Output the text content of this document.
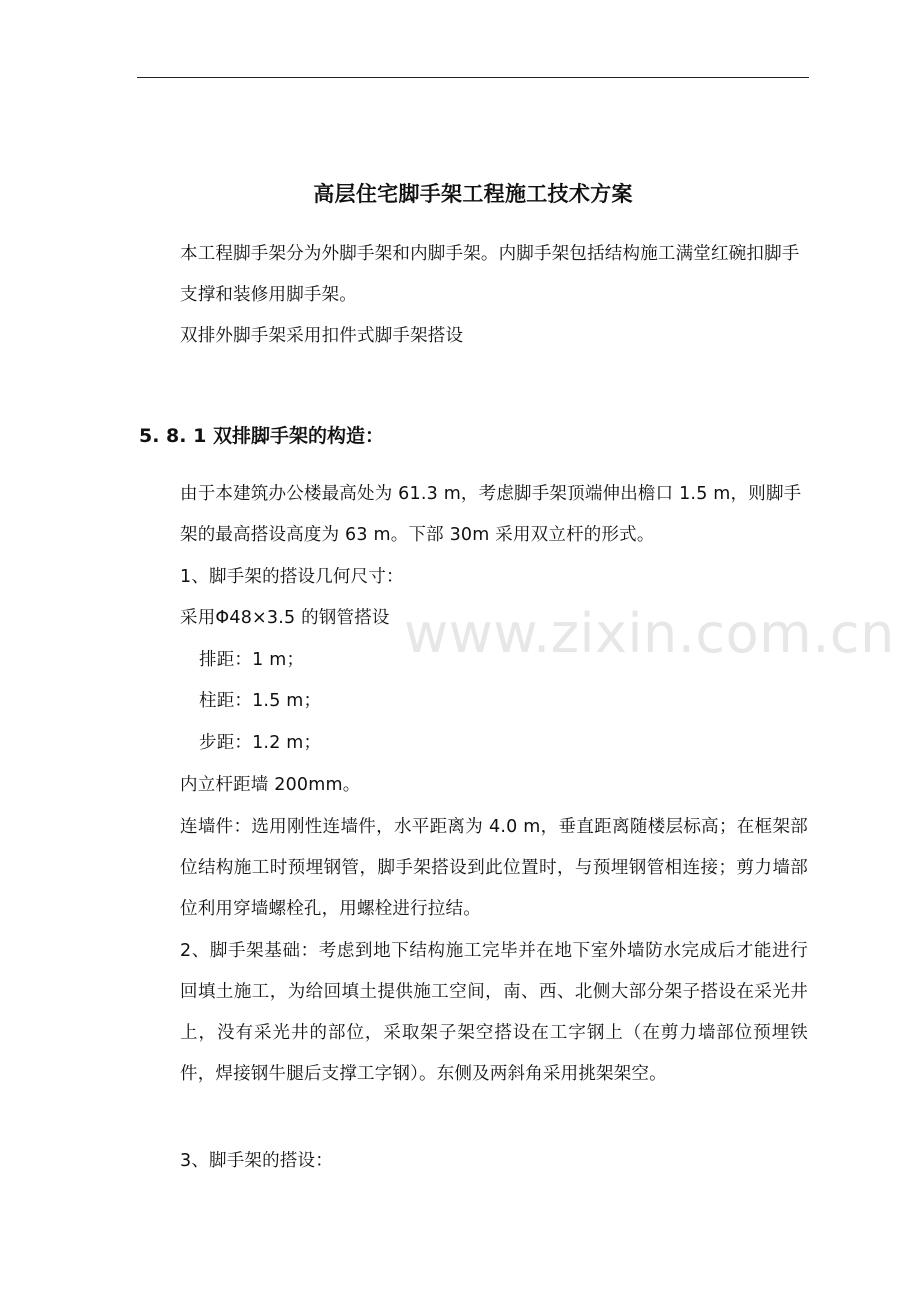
高层住宅脚手架工程施工技术方案

本工程脚手架分为外脚手架和内脚手架。内脚手架包括结构施工满堂红碗扣脚手支撑和装修用脚手架。

双排外脚手架采用扣件式脚手架搭设
5. 8. 1 双排脚手架的构造：

由于本建筑办公楼最高处为 61.3 m，考虑脚手架顶端伸出檐口 1.5 m，则脚手架的最高搭设高度为 63 m。下部 30m 采用双立杆的形式。

1、脚手架的搭设几何尺寸：
采用Φ48×3.5 的钢管搭设
排距：1 m；
柱距：1.5 m；
步距：1.2 m；
内立杆距墙 200mm。

连墙件：选用刚性连墙件，水平距离为 4.0 m，垂直距离随楼层标高；在框架部位结构施工时预埋钢管，脚手架搭设到此位置时，与预埋钢管相连接；剪力墙部位利用穿墙螺栓孔，用螺栓进行拉结。

2、脚手架基础：考虑到地下结构施工完毕并在地下室外墙防水完成后才能进行回填土施工，为给回填土提供施工空间，南、西、北侧大部分架子搭设在采光井上，没有采光井的部位，采取架子架空搭设在工字钢上（在剪力墙部位预埋铁件，焊接钢牛腿后支撑工字钢）。东侧及两斜角采用挑架架空。

3、脚手架的搭设：
www.zixin.com.cn
